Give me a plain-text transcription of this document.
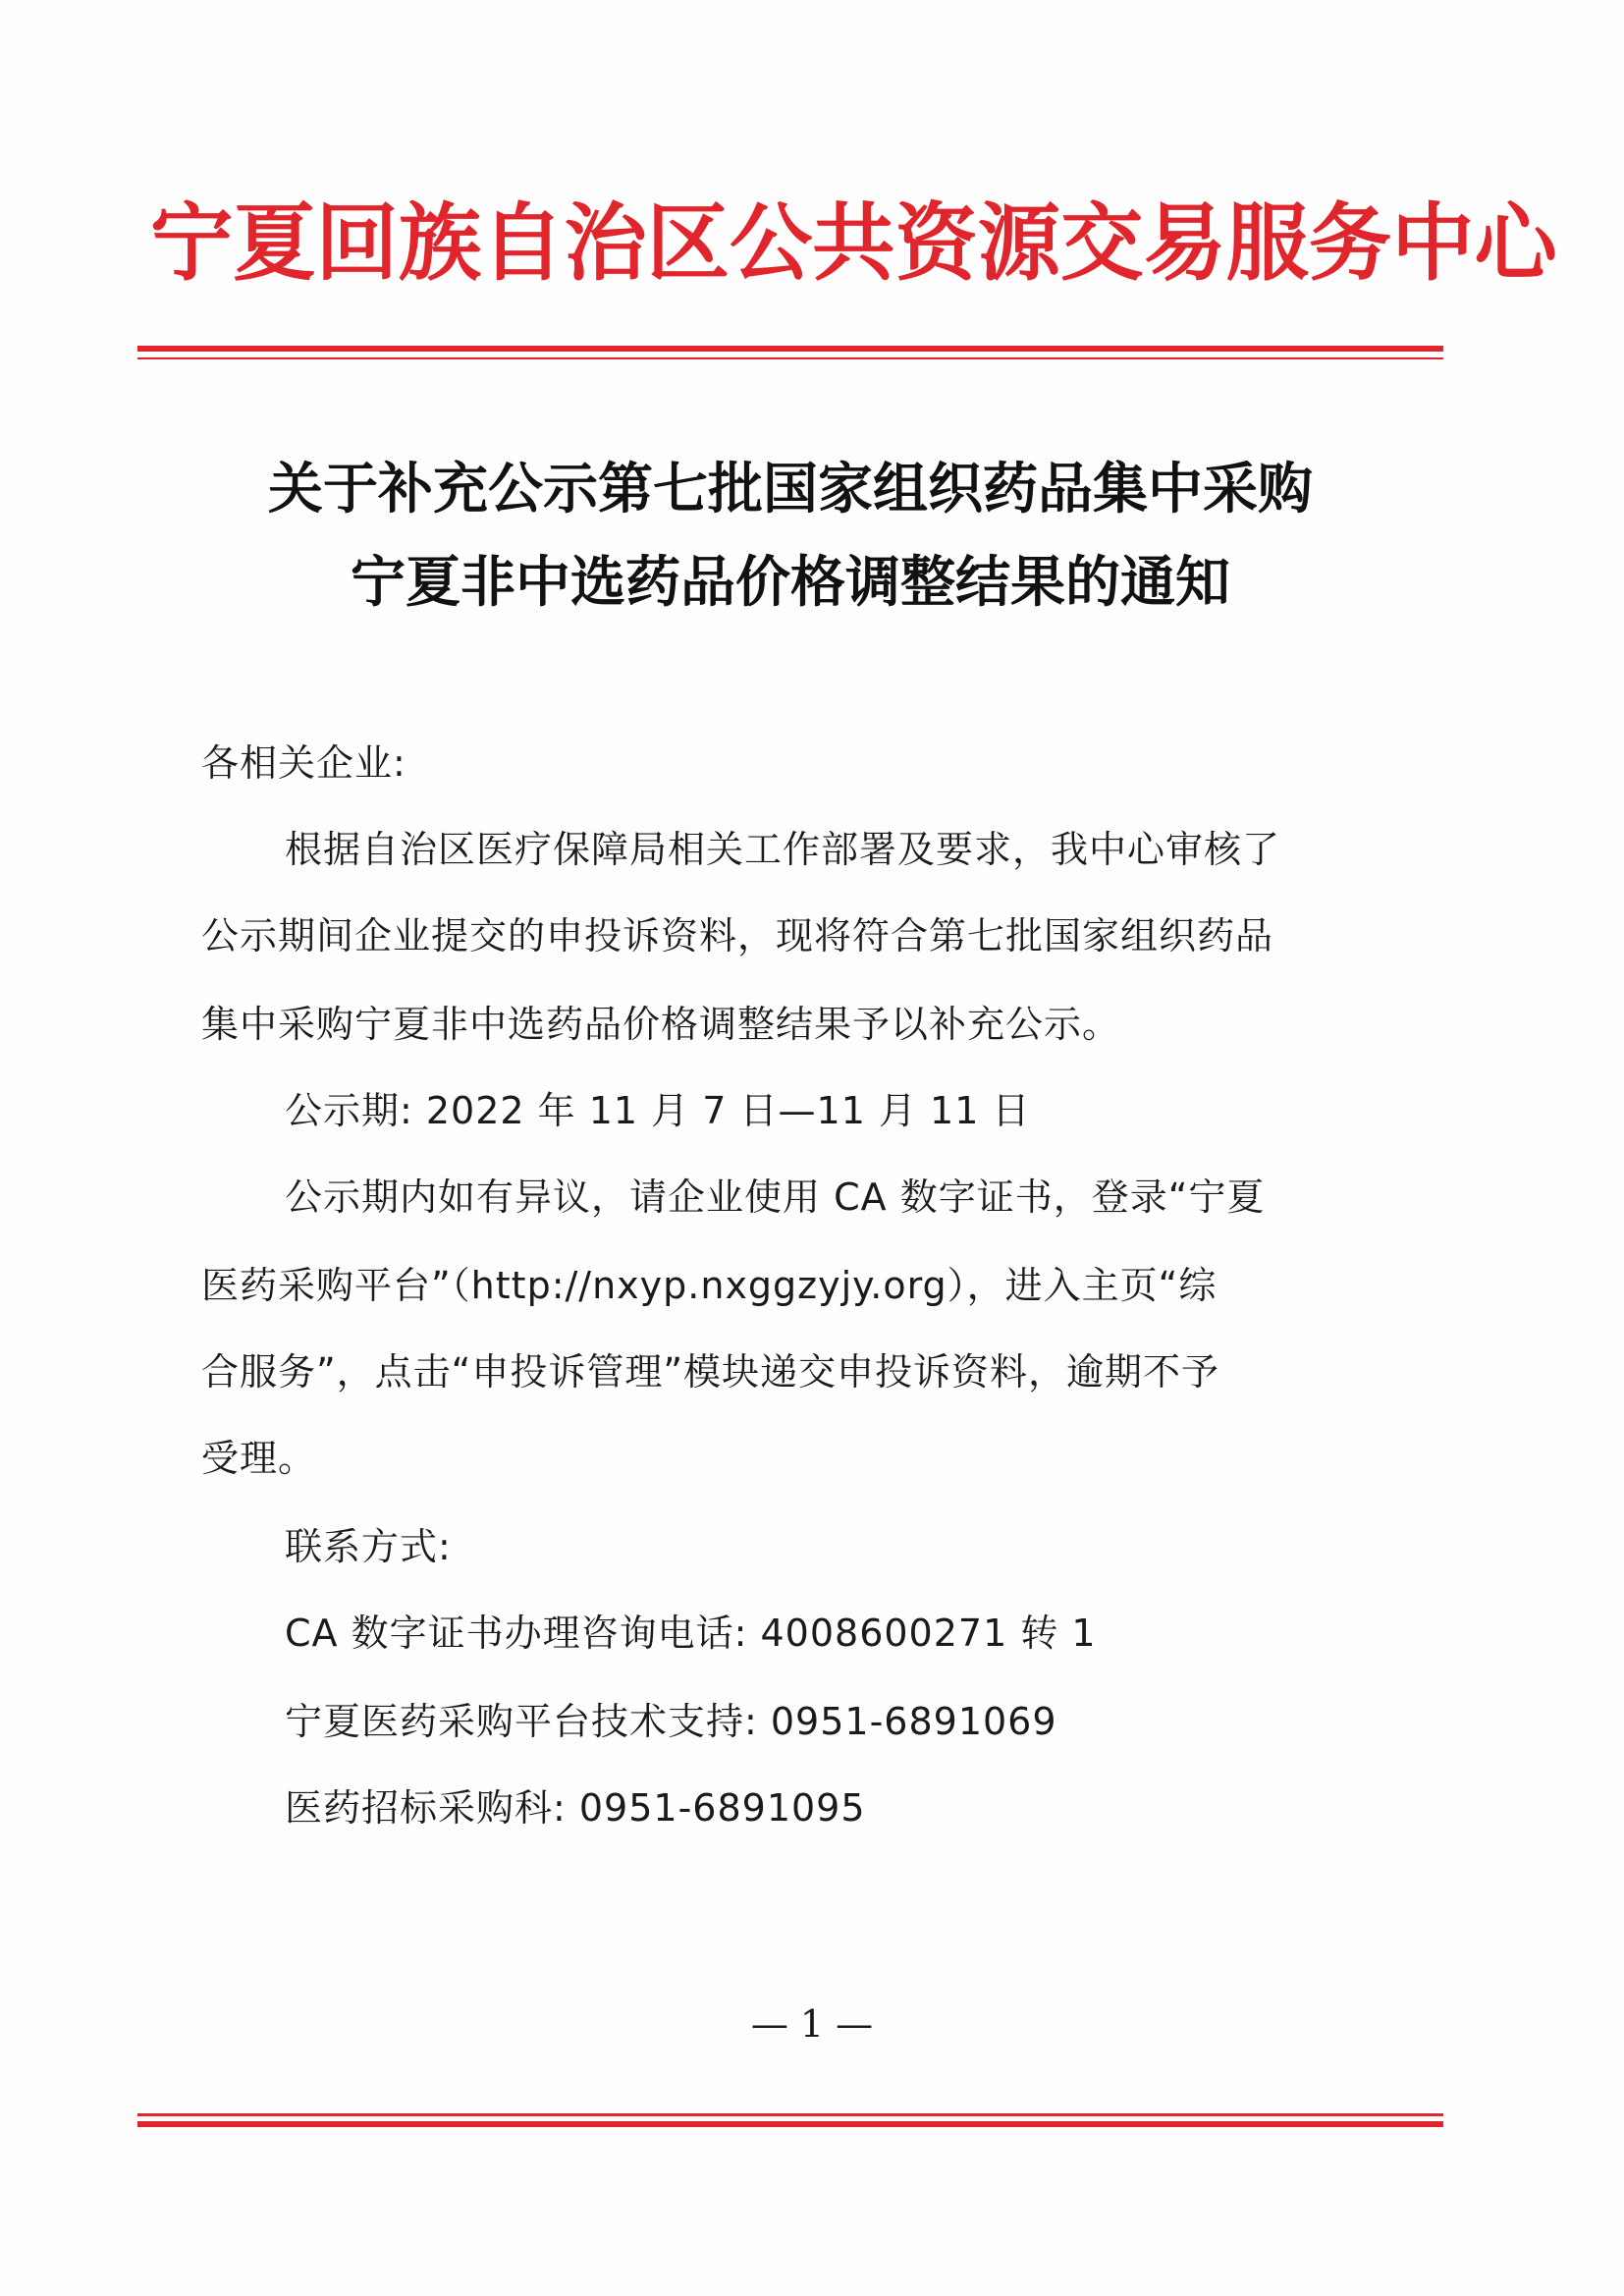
宁夏回族自治区公共资源交易服务中心
关于补充公示第七批国家组织药品集中采购
宁夏非中选药品价格调整结果的通知
各相关企业:
根据自治区医疗保障局相关工作部署及要求，我中心审核了
公示期间企业提交的申投诉资料，现将符合第七批国家组织药品
集中采购宁夏非中选药品价格调整结果予以补充公示。
公示期: 2022 年 11 月 7 日—11 月 11 日
公示期内如有异议，请企业使用 CA 数字证书，登录“宁夏
医药采购平台”（http://nxyp.nxggzyjy.org），进入主页“综
合服务”，点击“申投诉管理”模块递交申投诉资料，逾期不予
受理。
联系方式:
CA 数字证书办理咨询电话: 4008600271 转 1
宁夏医药采购平台技术支持: 0951-6891069
医药招标采购科: 0951-6891095
— 1 —
